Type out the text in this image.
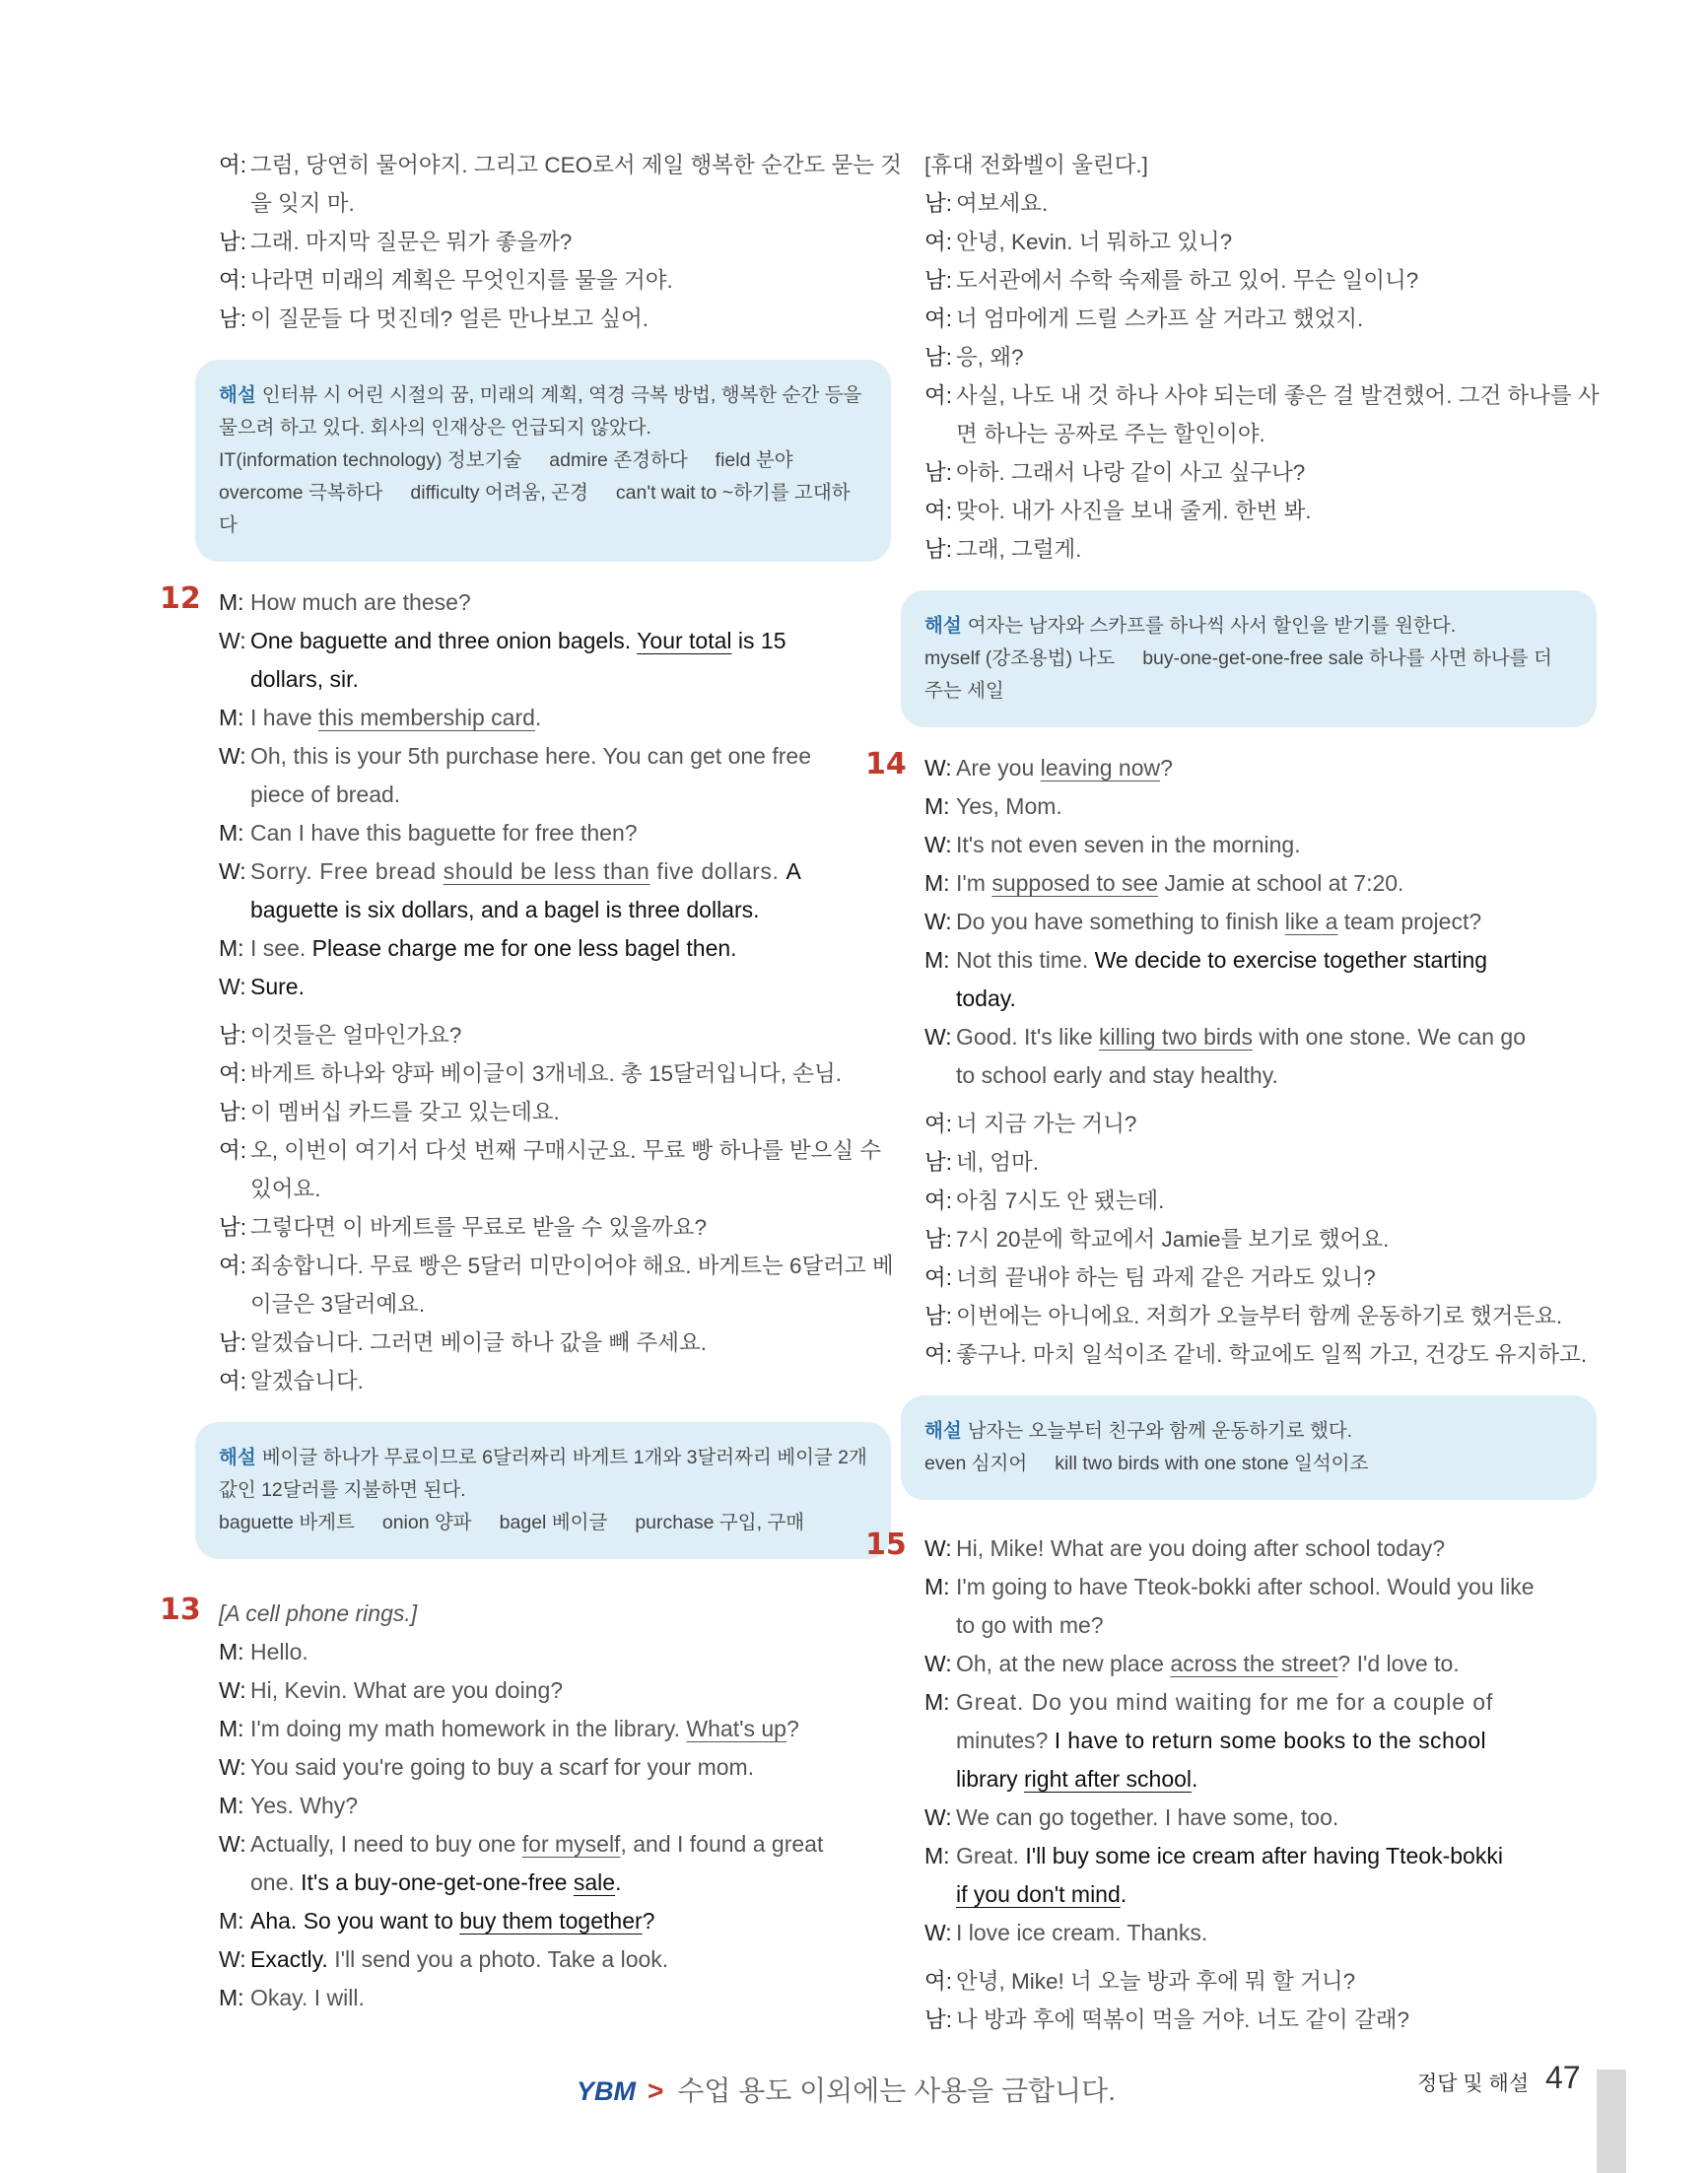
여: 그럼, 당연히 물어야지. 그리고 CEO로서 제일 행복한 순간도 묻는 것
을 잊지 마.
남: 그래. 마지막 질문은 뭐가 좋을까?
여: 나라면 미래의 계획은 무엇인지를 물을 거야.
남: 이 질문들 다 멋진데? 얼른 만나보고 싶어.
해설 인터뷰 시 어린 시절의 꿈, 미래의 계획, 역경 극복 방법, 행복한 순간 등을 물으려 하고 있다. 회사의 인재상은 언급되지 않았다.
IT(information technology) 정보기술 admire 존경하다 field 분야
overcome 극복하다 difficulty 어려움, 곤경 can't wait to ~하기를 고대하다
12 M: How much are these?
W: One baguette and three onion bagels. Your total is 15
dollars, sir.
M: I have this membership card.
W: Oh, this is your 5th purchase here. You can get one free
piece of bread.
M: Can I have this baguette for free then?
W: Sorry. Free bread should be less than five dollars. A
baguette is six dollars, and a bagel is three dollars.
M: I see. Please charge me for one less bagel then.
W: Sure.
남: 이것들은 얼마인가요?
여: 바게트 하나와 양파 베이글이 3개네요. 총 15달러입니다, 손님.
남: 이 멤버십 카드를 갖고 있는데요.
여: 오, 이번이 여기서 다섯 번째 구매시군요. 무료 빵 하나를 받으실 수
있어요.
남: 그렇다면 이 바게트를 무료로 받을 수 있을까요?
여: 죄송합니다. 무료 빵은 5달러 미만이어야 해요. 바게트는 6달러고 베
이글은 3달러예요.
남: 알겠습니다. 그러면 베이글 하나 값을 빼 주세요.
여: 알겠습니다.
해설 베이글 하나가 무료이므로 6달러짜리 바게트 1개와 3달러짜리 베이글 2개 값인 12달러를 지불하면 된다.
baguette 바게트 onion 양파 bagel 베이글 purchase 구입, 구매
13 [A cell phone rings.]
M: Hello.
W: Hi, Kevin. What are you doing?
M: I'm doing my math homework in the library. What's up?
W: You said you're going to buy a scarf for your mom.
M: Yes. Why?
W: Actually, I need to buy one for myself, and I found a great
one. It's a buy-one-get-one-free sale.
M: Aha. So you want to buy them together?
W: Exactly. I'll send you a photo. Take a look.
M: Okay. I will.
[휴대 전화벨이 울린다.]
남: 여보세요.
여: 안녕, Kevin. 너 뭐하고 있니?
남: 도서관에서 수학 숙제를 하고 있어. 무슨 일이니?
여: 너 엄마에게 드릴 스카프 살 거라고 했었지.
남: 응, 왜?
여: 사실, 나도 내 것 하나 사야 되는데 좋은 걸 발견했어. 그건 하나를 사
면 하나는 공짜로 주는 할인이야.
남: 아하. 그래서 나랑 같이 사고 싶구나?
여: 맞아. 내가 사진을 보내 줄게. 한번 봐.
남: 그래, 그럴게.
해설 여자는 남자와 스카프를 하나씩 사서 할인을 받기를 원한다.
myself (강조용법) 나도 buy-one-get-one-free sale 하나를 사면 하나를 더 주는 세일
14 W: Are you leaving now?
M: Yes, Mom.
W: It's not even seven in the morning.
M: I'm supposed to see Jamie at school at 7:20.
W: Do you have something to finish like a team project?
M: Not this time. We decide to exercise together starting
today.
W: Good. It's like killing two birds with one stone. We can go
to school early and stay healthy.
여: 너 지금 가는 거니?
남: 네, 엄마.
여: 아침 7시도 안 됐는데.
남: 7시 20분에 학교에서 Jamie를 보기로 했어요.
여: 너희 끝내야 하는 팀 과제 같은 거라도 있니?
남: 이번에는 아니에요. 저희가 오늘부터 함께 운동하기로 했거든요.
여: 좋구나. 마치 일석이조 같네. 학교에도 일찍 가고, 건강도 유지하고.
해설 남자는 오늘부터 친구와 함께 운동하기로 했다.
even 심지어 kill two birds with one stone 일석이조
15 W: Hi, Mike! What are you doing after school today?
M: I'm going to have Tteok-bokki after school. Would you like
to go with me?
W: Oh, at the new place across the street? I'd love to.
M: Great. Do you mind waiting for me for a couple of
minutes? I have to return some books to the school
library right after school.
W: We can go together. I have some, too.
M: Great. I'll buy some ice cream after having Tteok-bokki
if you don't mind.
W: I love ice cream. Thanks.
여: 안녕, Mike! 너 오늘 방과 후에 뭐 할 거니?
남: 나 방과 후에 떡볶이 먹을 거야. 너도 같이 갈래?
YBM > 수업 용도 이외에는 사용을 금합니다.	정답 및 해설 47
